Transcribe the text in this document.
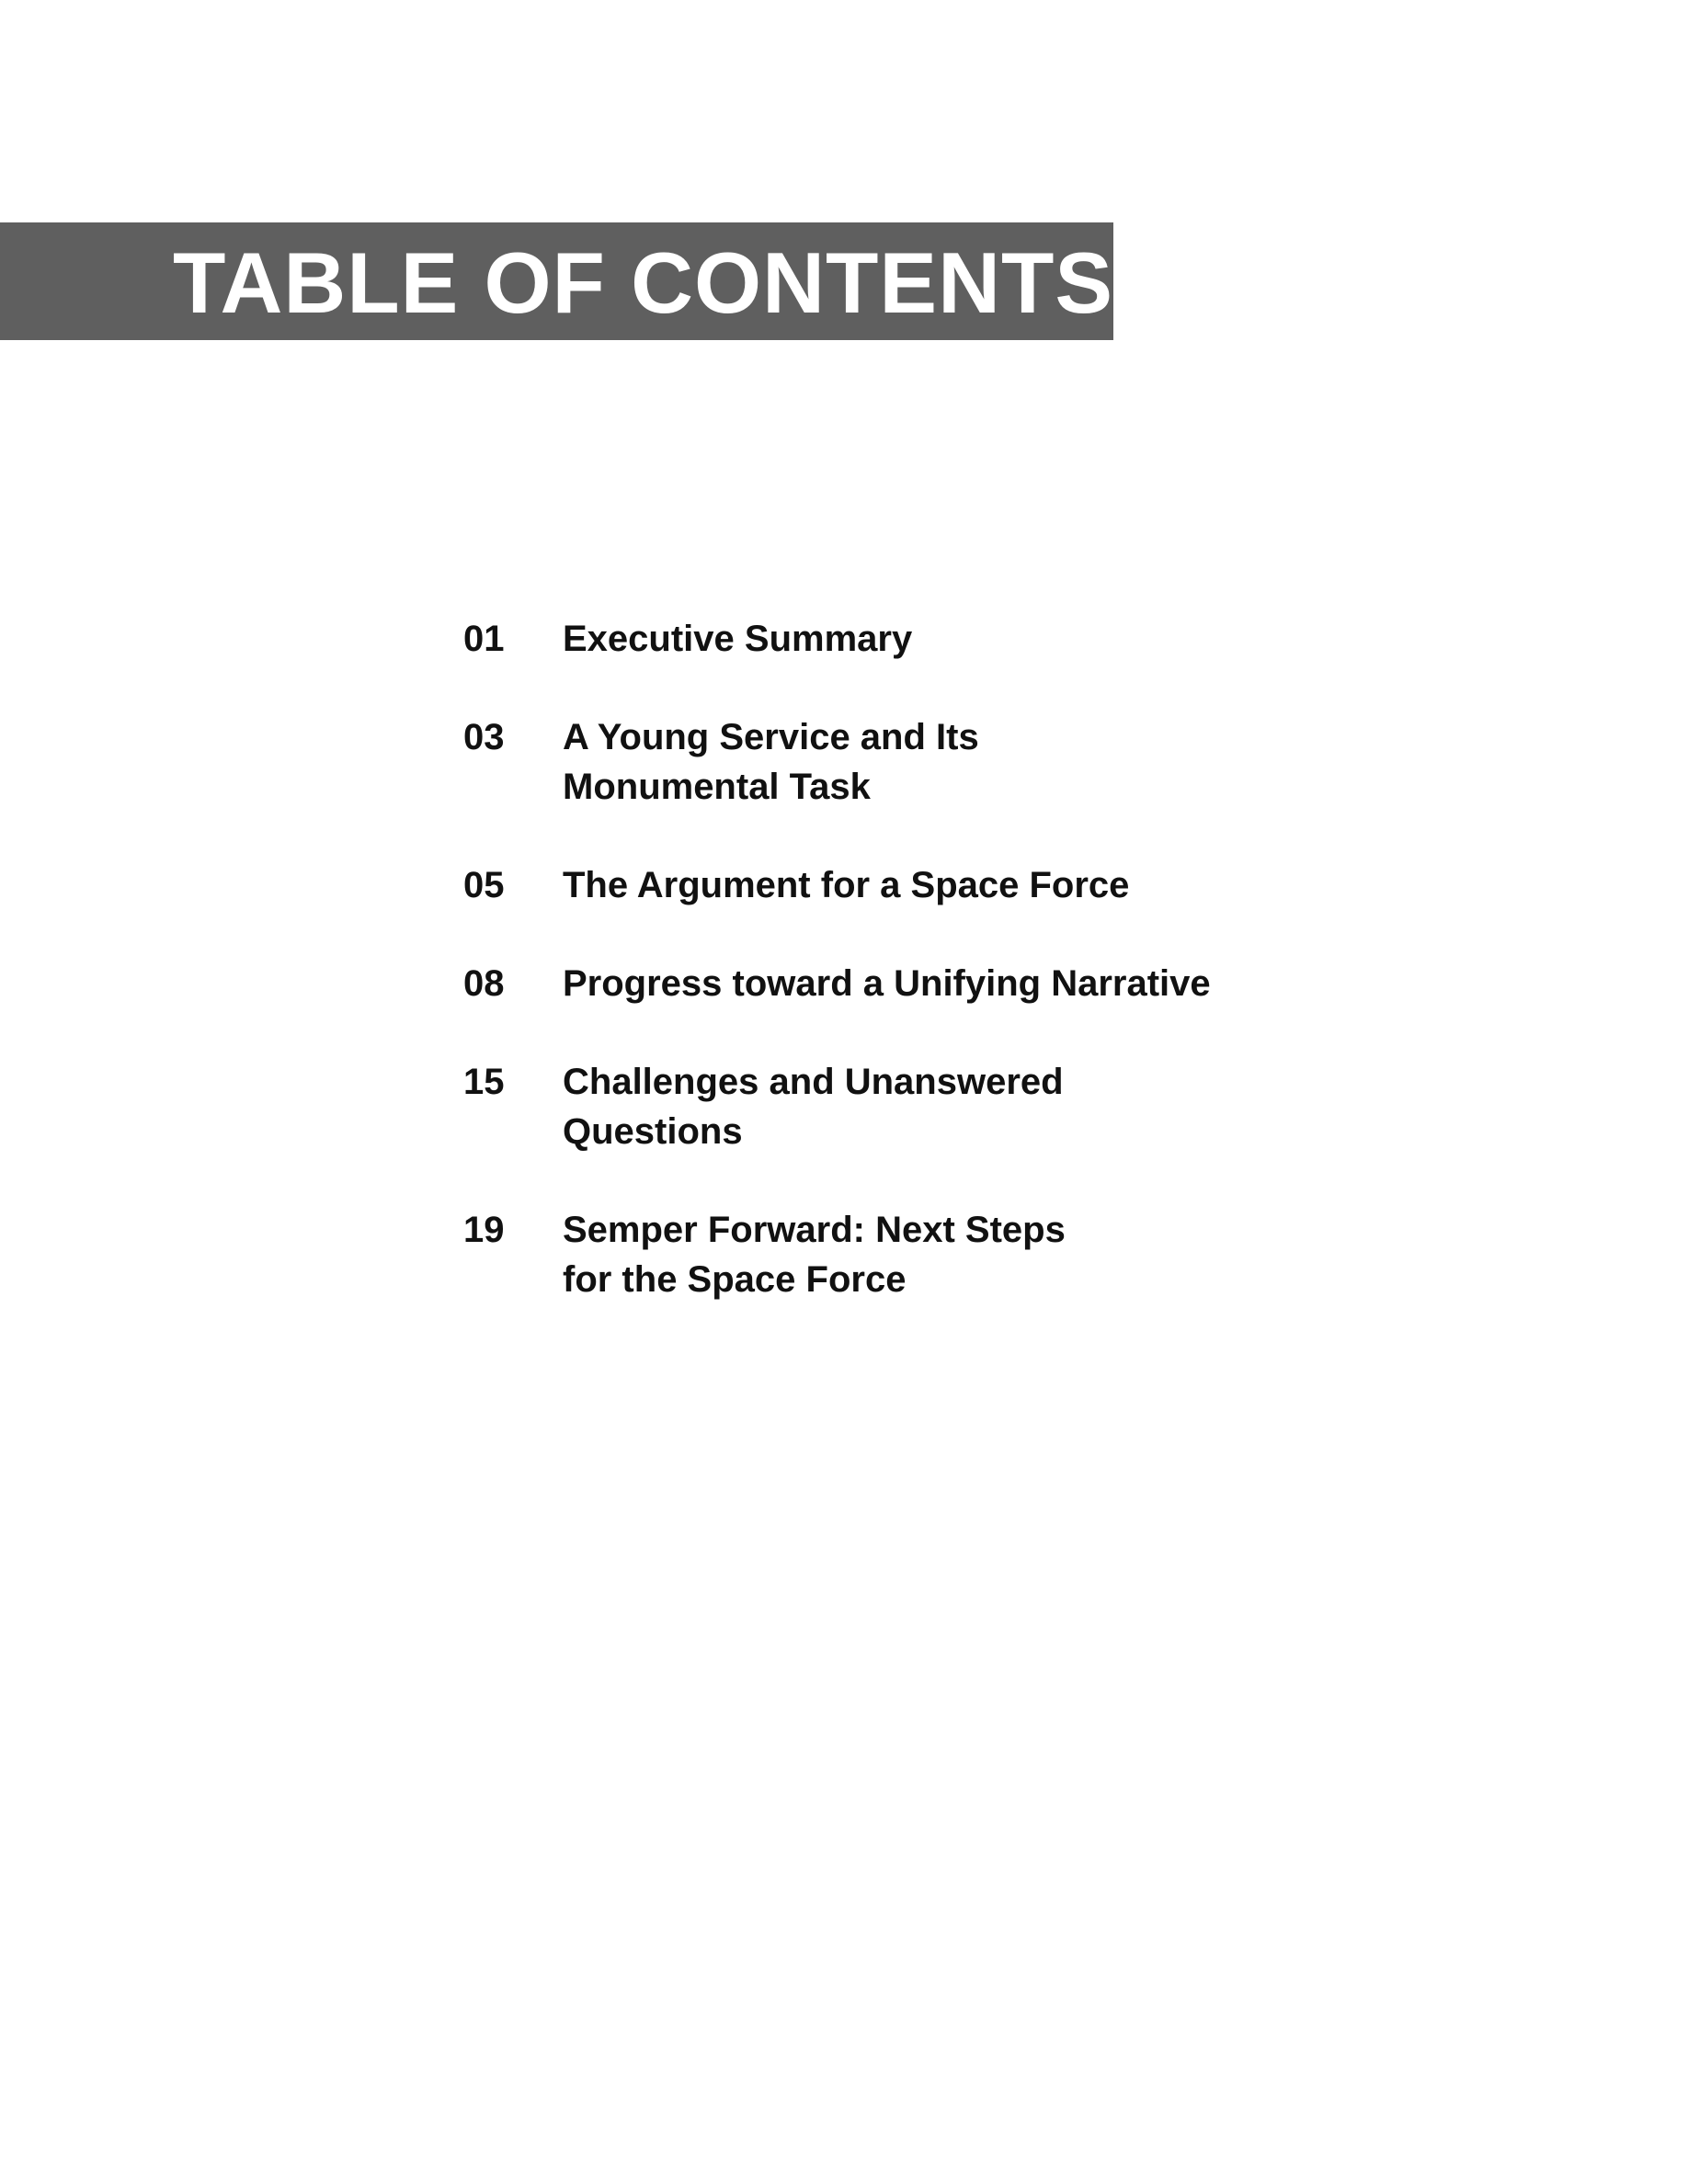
TABLE OF CONTENTS
01	Executive Summary
03	A Young Service and Its
Monumental Task
05	The Argument for a Space Force
08	Progress toward a Unifying Narrative
15	Challenges and Unanswered
Questions
19	Semper Forward: Next Steps
for the Space Force
